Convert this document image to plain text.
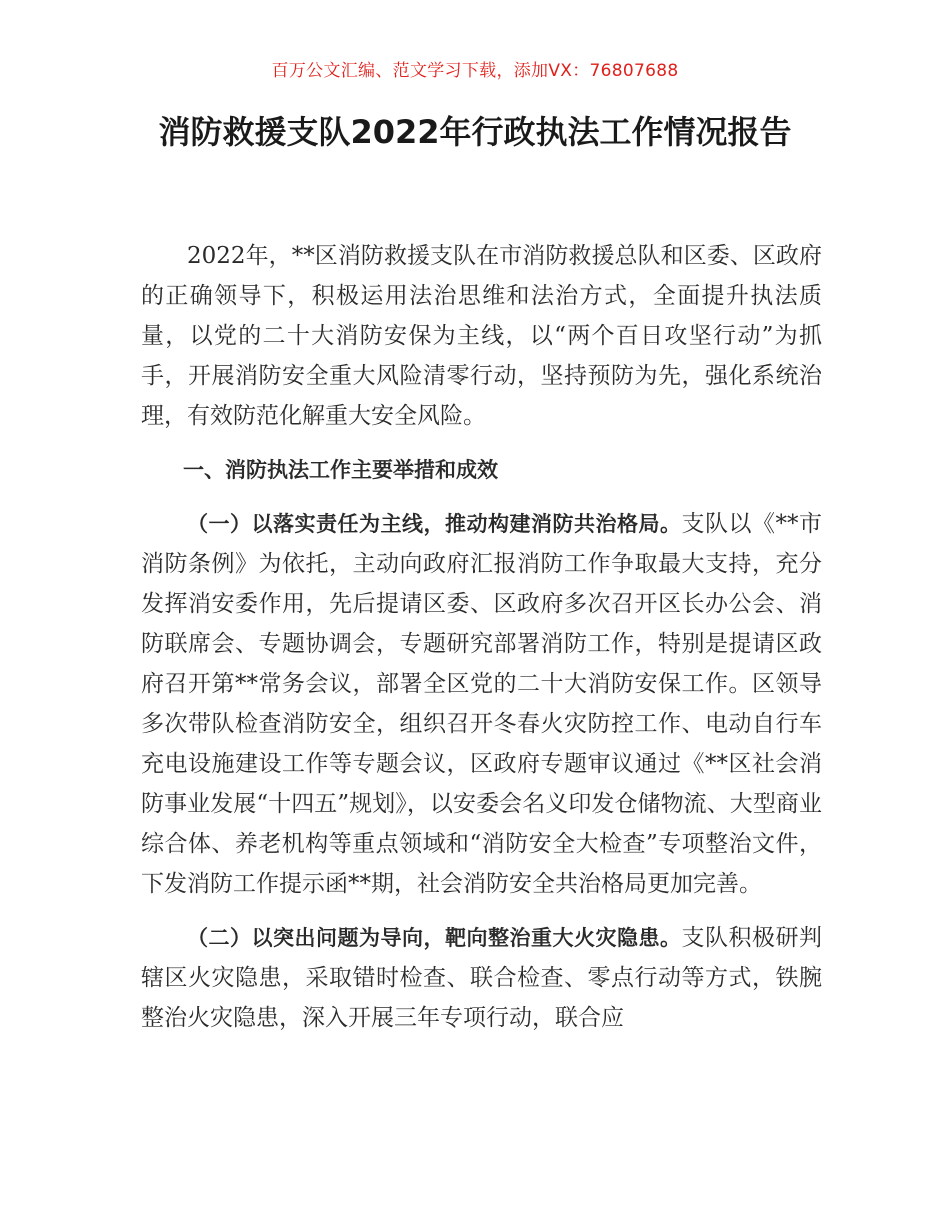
百万公文汇编、范文学习下载，添加VX：76807688
消防救援支队2022年行政执法工作情况报告

2022年，**区消防救援支队在市消防救援总队和区委、区政府的正确领导下，积极运用法治思维和法治方式，全面提升执法质量，以党的二十大消防安保为主线，以“两个百日攻坚行动”为抓手，开展消防安全重大风险清零行动，坚持预防为先，强化系统治理，有效防范化解重大安全风险。

一、消防执法工作主要举措和成效

（一）以落实责任为主线，推动构建消防共治格局。支队以《**市消防条例》为依托，主动向政府汇报消防工作争取最大支持，充分发挥消安委作用，先后提请区委、区政府多次召开区长办公会、消防联席会、专题协调会，专题研究部署消防工作，特别是提请区政府召开第**常务会议，部署全区党的二十大消防安保工作。区领导多次带队检查消防安全，组织召开冬春火灾防控工作、电动自行车充电设施建设工作等专题会议，区政府专题审议通过《**区社会消防事业发展“十四五”规划》，以安委会名义印发仓储物流、大型商业综合体、养老机构等重点领域和“消防安全大检查”专项整治文件，下发消防工作提示函**期，社会消防安全共治格局更加完善。

（二）以突出问题为导向，靶向整治重大火灾隐患。支队积极研判辖区火灾隐患，采取错时检查、联合检查、零点行动等方式，铁腕整治火灾隐患，深入开展三年专项行动，联合应
